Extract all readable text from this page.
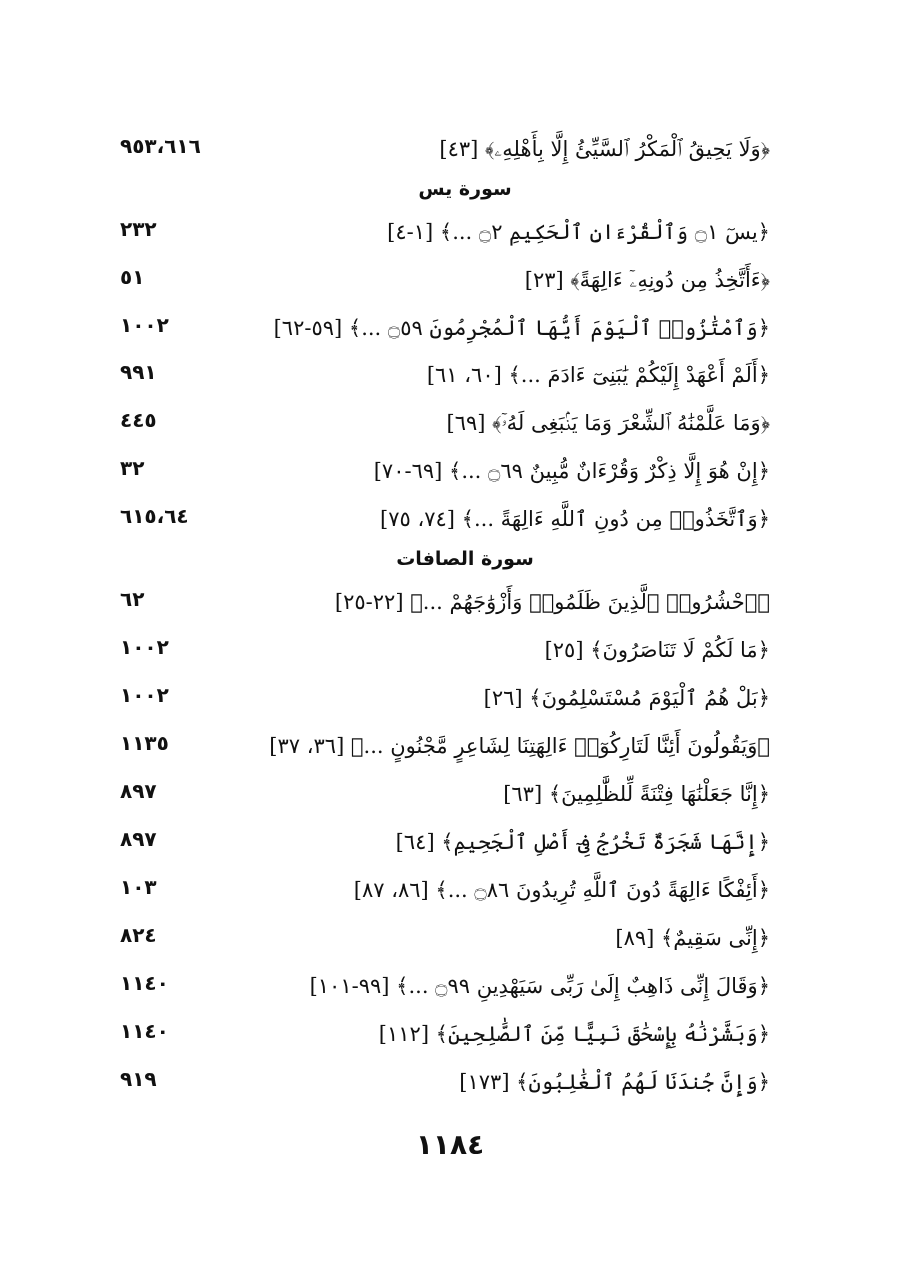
٩٥٣،٦١٦	﴿وَلَا يَحِيقُ ٱلْمَكْرُ ٱلسَّيِّئُ إِلَّا بِأَهْلِهِۦ﴾ [٤٣]
سورة يس
٢٣٢	﴿يسٓ ۝١ وَٱلْقُرْءَانِ ٱلْحَكِيمِ ۝٢ ...﴾ [١-٤]
٥١	﴿ءَأَتَّخِذُ مِن دُونِهِۦٓ ءَالِهَةً﴾ [٢٣]
١٠٠٢	﴿وَٱمْتَٰزُوا۟ ٱلْيَوْمَ أَيُّهَا ٱلْمُجْرِمُونَ ۝٥٩ ...﴾ [٥٩-٦٢]
٩٩١	﴿أَلَمْ أَعْهَدْ إِلَيْكُمْ يَٰبَنِىٓ ءَادَمَ ...﴾ [٦٠، ٦١]
٤٤٥	﴿وَمَا عَلَّمْنَٰهُ ٱلشِّعْرَ وَمَا يَنۢبَغِى لَهُۥٓ﴾ [٦٩]
٣٢	﴿إِنْ هُوَ إِلَّا ذِكْرٌ وَقُرْءَانٌ مُّبِينٌ ۝٦٩ ...﴾ [٦٩-٧٠]
٦١٥،٦٤	﴿وَٱتَّخَذُوا۟ مِن دُونِ ٱللَّهِ ءَالِهَةً ...﴾ [٧٤، ٧٥]
سورة الصافات
٦٢	﴿ٱحْشُرُوا۟ ٱلَّذِينَ ظَلَمُوا۟ وَأَزْوَٰجَهُمْ ...﴾ [٢٢-٢٥]
١٠٠٢	﴿مَا لَكُمْ لَا تَنَاصَرُونَ﴾ [٢٥]
١٠٠٢	﴿بَلْ هُمُ ٱلْيَوْمَ مُسْتَسْلِمُونَ﴾ [٢٦]
١١٣٥	﴿وَيَقُولُونَ أَئِنَّا لَتَارِكُوٓا۟ ءَالِهَتِنَا لِشَاعِرٍ مَّجْنُونٍ ...﴾ [٣٦، ٣٧]
٨٩٧	﴿إِنَّا جَعَلْنَٰهَا فِتْنَةً لِّلظَّٰلِمِينَ﴾ [٦٣]
٨٩٧	﴿إِنَّهَا شَجَرَةٌ تَخْرُجُ فِىٓ أَصْلِ ٱلْجَحِيمِ﴾ [٦٤]
١٠٣	﴿أَئِفْكًا ءَالِهَةً دُونَ ٱللَّهِ تُرِيدُونَ ۝٨٦ ...﴾ [٨٦، ٨٧]
٨٢٤	﴿إِنِّى سَقِيمٌ﴾ [٨٩]
١١٤٠	﴿وَقَالَ إِنِّى ذَاهِبٌ إِلَىٰ رَبِّى سَيَهْدِينِ ۝٩٩ ...﴾ [٩٩-١٠١]
١١٤٠	﴿وَبَشَّرْنَٰهُ بِإِسْحَٰقَ نَبِيًّا مِّنَ ٱلصَّٰلِحِينَ﴾ [١١٢]
٩١٩	﴿وَإِنَّ جُندَنَا لَهُمُ ٱلْغَٰلِبُونَ﴾ [١٧٣]
١١٨٤
